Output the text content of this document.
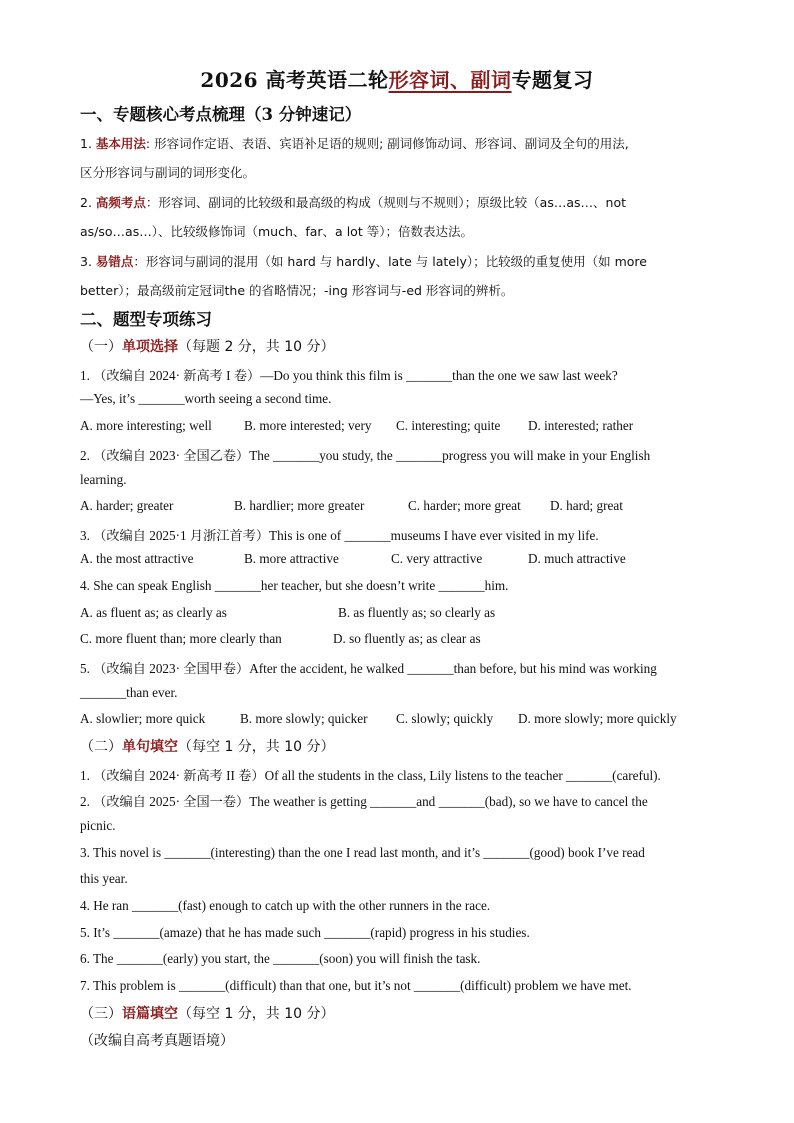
2026 高考英语二轮形容词、副词专题复习
一、专题核心考点梳理（3 分钟速记）
1. 基本用法: 形容词作定语、表语、宾语补足语的规则; 副词修饰动词、形容词、副词及全句的用法,
区分形容词与副词的词形变化。
2. 高频考点：形容词、副词的比较级和最高级的构成（规则与不规则）；原级比较（as…as…、not
as/so…as…）、比较级修饰词（much、far、a lot 等）；倍数表达法。
3. 易错点：形容词与副词的混用（如 hard 与 hardly、late 与 lately）；比较级的重复使用（如 more
better）；最高级前定冠词the 的省略情况；-ing 形容词与-ed 形容词的辨析。
二、题型专项练习
（一）单项选择（每题 2 分，共 10 分）
1. （改编自 2024· 新高考 I 卷）—Do you think this film is _______than the one we saw last week?
—Yes, it’s _______worth seeing a second time.
A. more interesting; well B. more interested; very C. interesting; quite D. interested; rather
2. （改编自 2023· 全国乙卷）The _______you study, the _______progress you will make in your English
learning.
A. harder; greater	B. hardlier; more greater	C. harder; more great D. hard; great
3. （改编自 2025·1 月浙江首考）This is one of _______museums I have ever visited in my life.
A. the most attractive	B. more attractive	C. very attractive	D. much attractive
4. She can speak English _______her teacher, but she doesn’t write _______him.
A. as fluent as; as clearly as	B. as fluently as; so clearly as
C. more fluent than; more clearly than	D. so fluently as; as clear as
5. （改编自 2023· 全国甲卷）After the accident, he walked _______than before, but his mind was working
_______than ever.
A. slowlier; more quick	B. more slowly; quicker C. slowly; quickly D. more slowly; more quickly
（二）单句填空（每空 1 分，共 10 分）
1. （改编自 2024· 新高考 II 卷）Of all the students in the class, Lily listens to the teacher _______(careful).
2. （改编自 2025· 全国一卷）The weather is getting _______and _______(bad), so we have to cancel the
picnic.
3. This novel is _______(interesting) than the one I read last month, and it’s _______(good) book I’ve read
this year.
4. He ran _______(fast) enough to catch up with the other runners in the race.
5. It’s _______(amaze) that he has made such _______(rapid) progress in his studies.
6. The _______(early) you start, the _______(soon) you will finish the task.
7. This problem is _______(difficult) than that one, but it’s not _______(difficult) problem we have met.
（三）语篇填空（每空 1 分，共 10 分）
（改编自高考真题语境）
